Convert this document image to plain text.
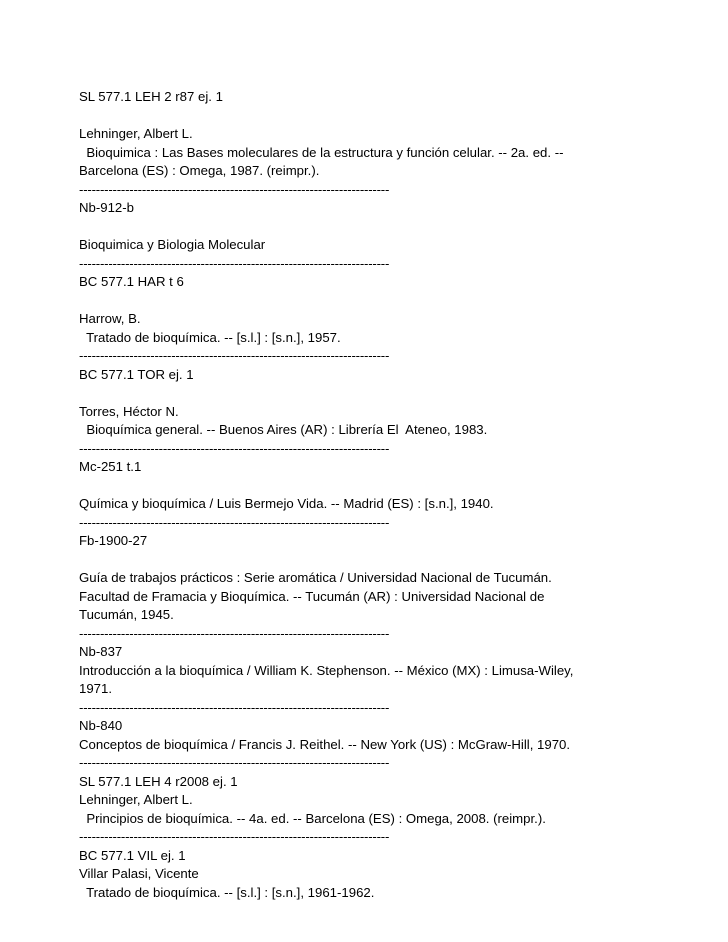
SL 577.1 LEH 2 r87 ej. 1
Lehninger, Albert L.
Bioquimica : Las Bases moleculares de la estructura y función celular. -- 2a. ed. --
Barcelona (ES) : Omega, 1987. (reimpr.).
--------------------------------------------------------------------------
Nb-912-b
Bioquimica y Biologia Molecular
--------------------------------------------------------------------------
BC 577.1 HAR t 6
Harrow, B.
Tratado de bioquímica. -- [s.l.] : [s.n.], 1957.
--------------------------------------------------------------------------
BC 577.1 TOR ej. 1
Torres, Héctor N.
Bioquímica general. -- Buenos Aires (AR) : Librería El  Ateneo, 1983.
--------------------------------------------------------------------------
Mc-251 t.1
Química y bioquímica / Luis Bermejo Vida. -- Madrid (ES) : [s.n.], 1940.
--------------------------------------------------------------------------
Fb-1900-27
Guía de trabajos prácticos : Serie aromática / Universidad Nacional de Tucumán.
Facultad de Framacia y Bioquímica. -- Tucumán (AR) : Universidad Nacional de
Tucumán, 1945.
--------------------------------------------------------------------------
Nb-837
Introducción a la bioquímica / William K. Stephenson. -- México (MX) : Limusa-Wiley,
1971.
--------------------------------------------------------------------------
Nb-840
Conceptos de bioquímica / Francis J. Reithel. -- New York (US) : McGraw-Hill, 1970.
--------------------------------------------------------------------------
SL 577.1 LEH 4 r2008 ej. 1
Lehninger, Albert L.
Principios de bioquímica. -- 4a. ed. -- Barcelona (ES) : Omega, 2008. (reimpr.).
--------------------------------------------------------------------------
BC 577.1 VIL ej. 1
Villar Palasi, Vicente
Tratado de bioquímica. -- [s.l.] : [s.n.], 1961-1962.
